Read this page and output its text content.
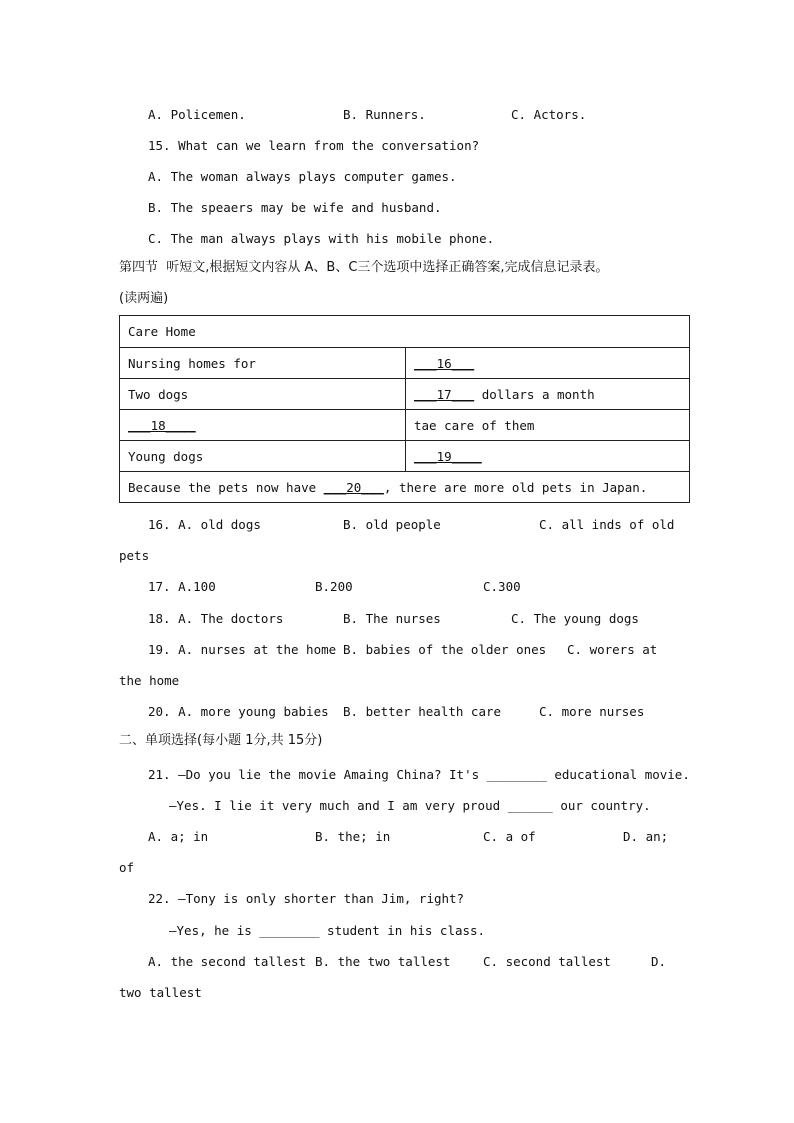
A. Policemen.	B. Runners.	C. Actors.
15. What can we learn from the conversation?
A. The woman always plays computer games.
B. The speaers may be wife and husband.
C. The man always plays with his mobile phone.
第四节  听短文,根据短文内容从 A、B、C三个选项中选择正确答案,完成信息记录表。
(读两遍)
Care Home	
Nursing homes for	___16___
Two dogs	___17___ dollars a month
___18____	tae care of them
Young dogs	___19____
Because the pets now have ___20___, there are more old pets in Japan.	
16. A. old dogs	B. old people	C. all inds of old
pets
17. A.100	B.200	C.300
18. A. The doctors	B. The nurses	C. The young dogs
19. A. nurses at the home B. babies of the older ones C. worers at
the home
20. A. more young babies B. better health care	C. more nurses
二、单项选择(每小题 1分,共 15分)
21. —Do you lie the movie Amaing China? It's ________ educational movie.
—Yes. I lie it very much and I am very proud ______ our country.
A. a; in	B. the; in	C. a of	D. an;
of
22. —Tony is only shorter than Jim, right?
—Yes, he is ________ student in his class.
A. the second tallest B. the two tallest	C. second tallest	D.
two tallest
